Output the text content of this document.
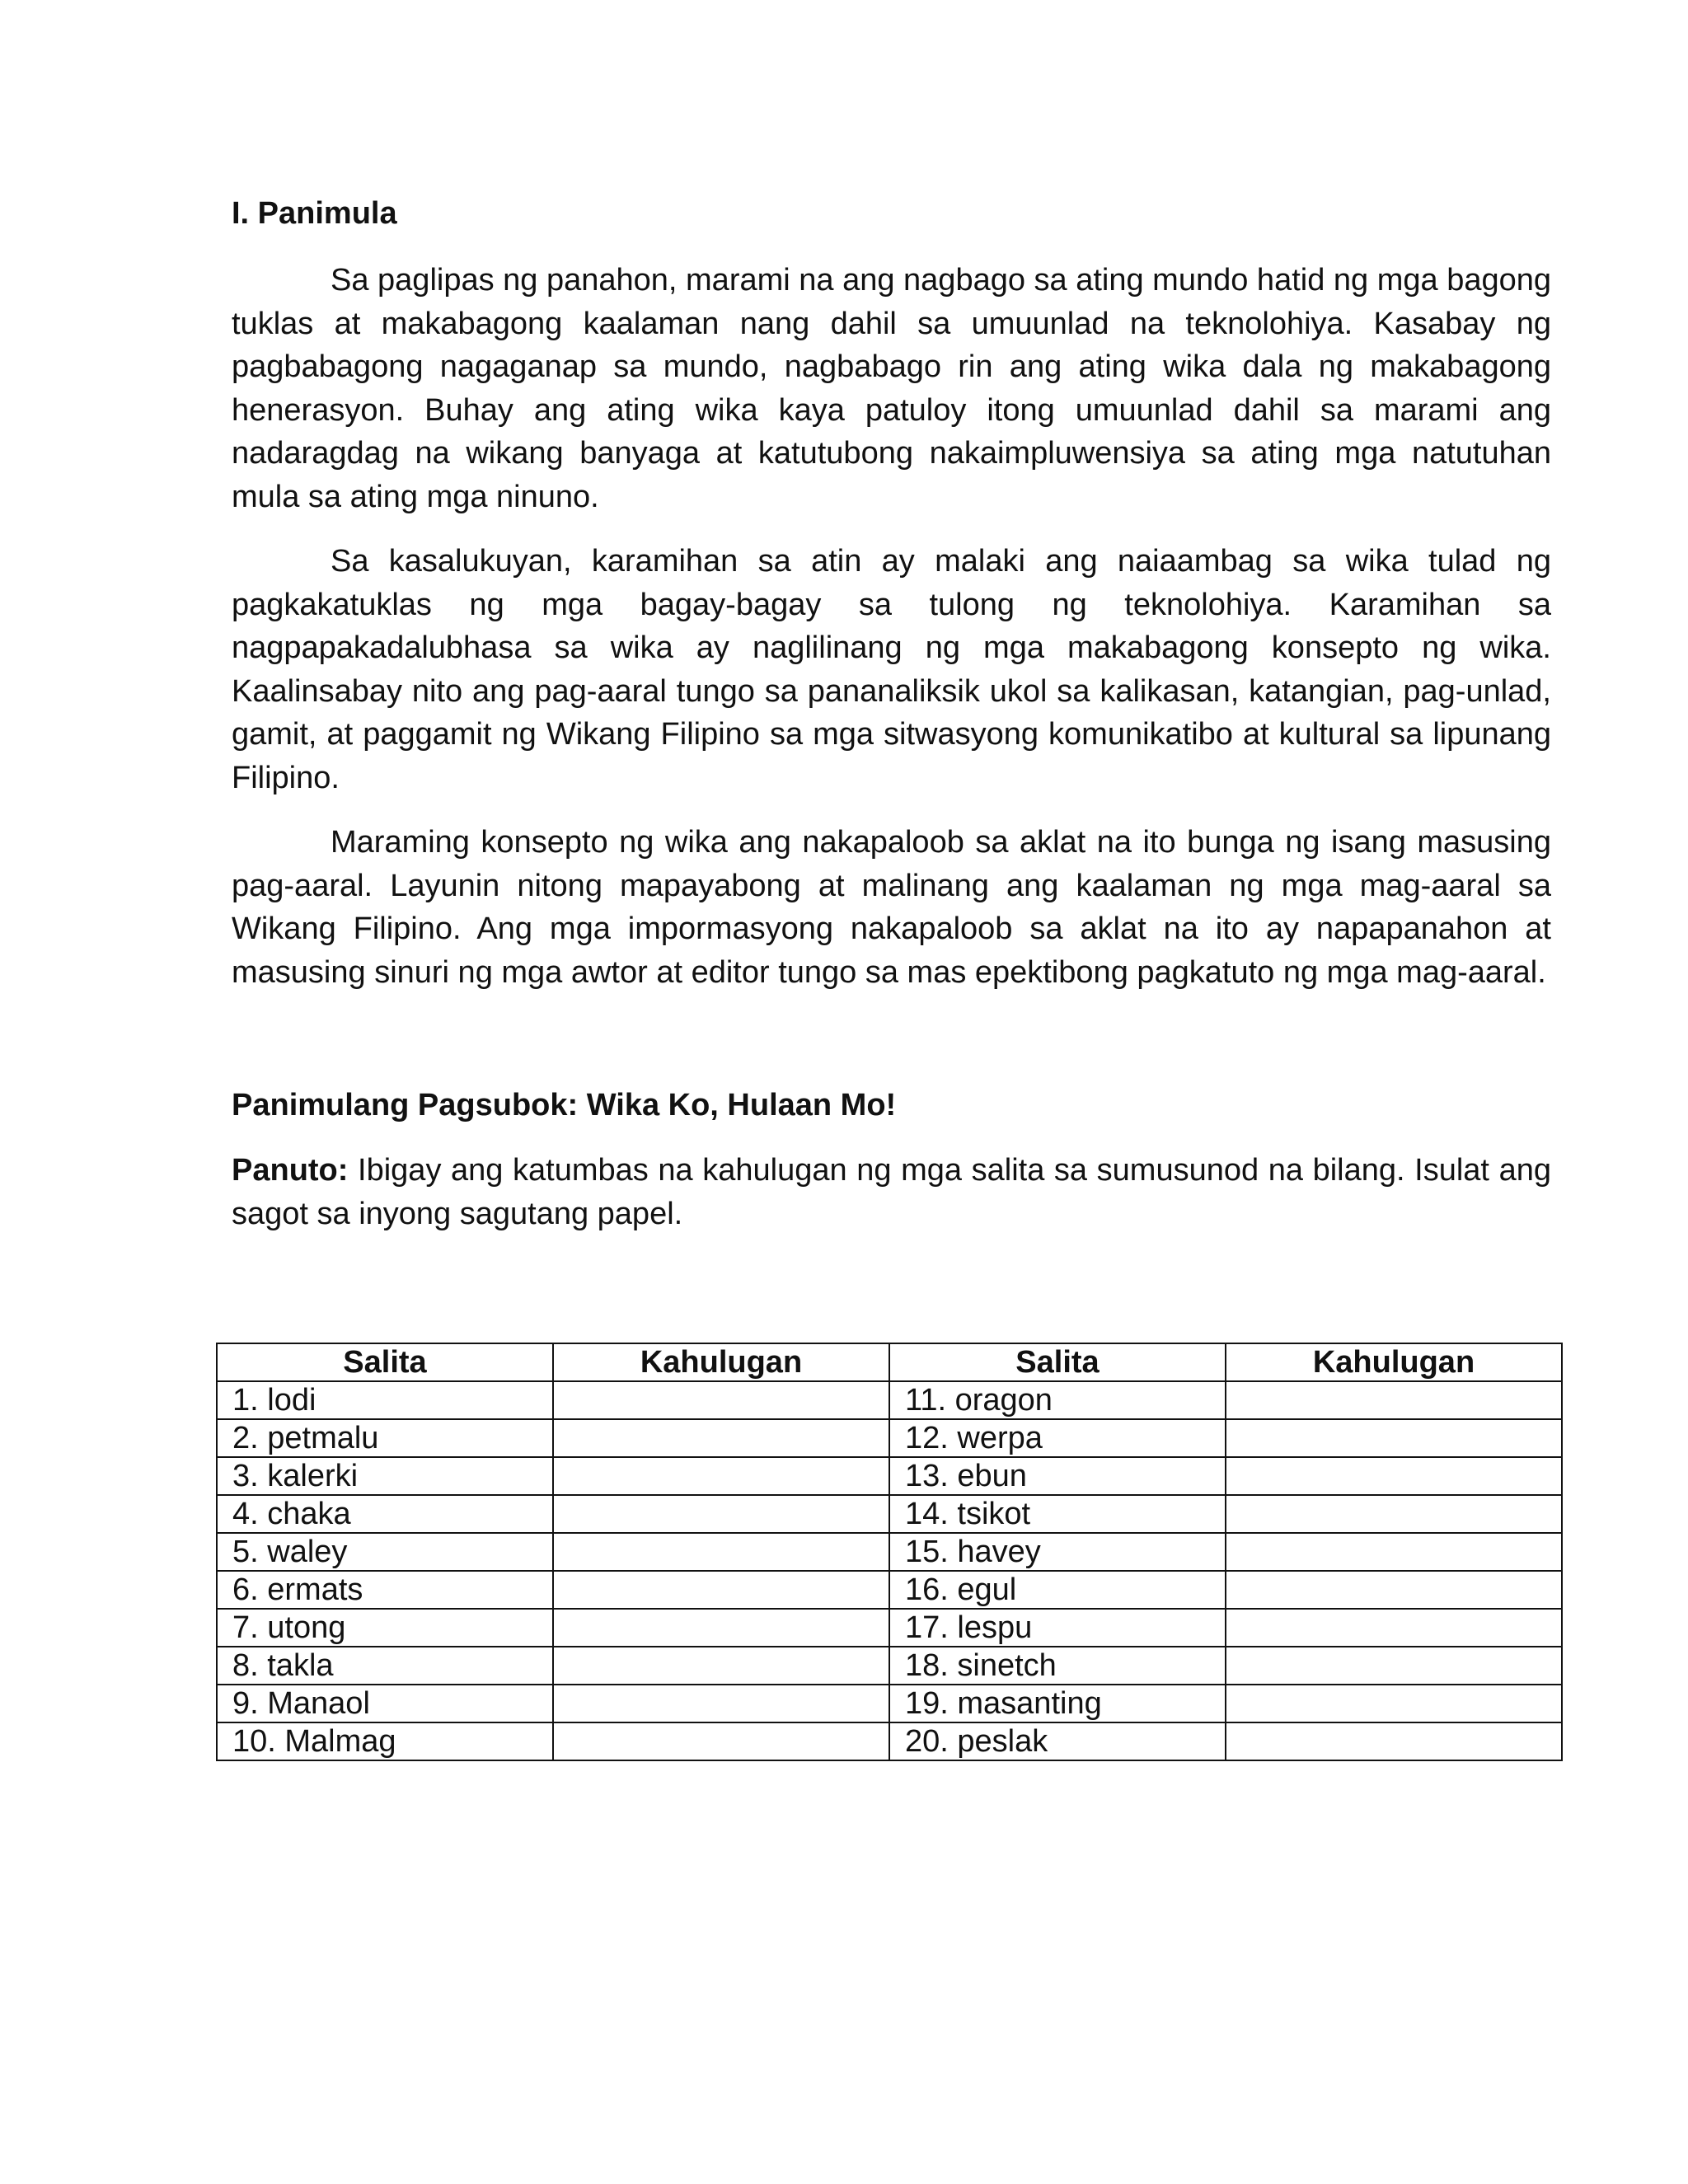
I. Panimula

Sa paglipas ng panahon, marami na ang nagbago sa ating mundo hatid ng mga bagong tuklas at makabagong kaalaman nang dahil sa umuunlad na teknolohiya. Kasabay ng pagbabagong nagaganap sa mundo, nagbabago rin ang ating wika dala ng makabagong henerasyon. Buhay ang ating wika kaya patuloy itong umuunlad dahil sa marami ang nadaragdag na wikang banyaga at katutubong nakaimpluwensiya sa ating mga natutuhan mula sa ating mga ninuno.

Sa kasalukuyan, karamihan sa atin ay malaki ang naiaambag sa wika tulad ng pagkakatuklas ng mga bagay-bagay sa tulong ng teknolohiya. Karamihan sa nagpapakadalubhasa sa wika ay naglilinang ng mga makabagong konsepto ng wika. Kaalinsabay nito ang pag-aaral tungo sa pananaliksik ukol sa kalikasan, katangian, pag-unlad, gamit, at paggamit ng Wikang Filipino sa mga sitwasyong komunikatibo at kultural sa lipunang Filipino.

Maraming konsepto ng wika ang nakapaloob sa aklat na ito bunga ng isang masusing pag-aaral. Layunin nitong mapayabong at malinang ang kaalaman ng mga mag-aaral sa Wikang Filipino. Ang mga impormasyong nakapaloob sa aklat na ito ay napapanahon at masusing sinuri ng mga awtor at editor tungo sa mas epektibong pagkatuto ng mga mag-aaral.

Panimulang Pagsubok: Wika Ko, Hulaan Mo!

Panuto: Ibigay ang katumbas na kahulugan ng mga salita sa sumusunod na bilang. Isulat ang sagot sa inyong sagutang papel.

Salita	Kahulugan	Salita	Kahulugan
1. lodi		11. oragon	
2. petmalu		12. werpa	
3. kalerki		13. ebun	
4. chaka		14. tsikot	
5. waley		15. havey	
6. ermats		16. egul	
7. utong		17. lespu	
8. takla		18. sinetch	
9. Manaol		19. masanting	
10. Malmag		20. peslak	
